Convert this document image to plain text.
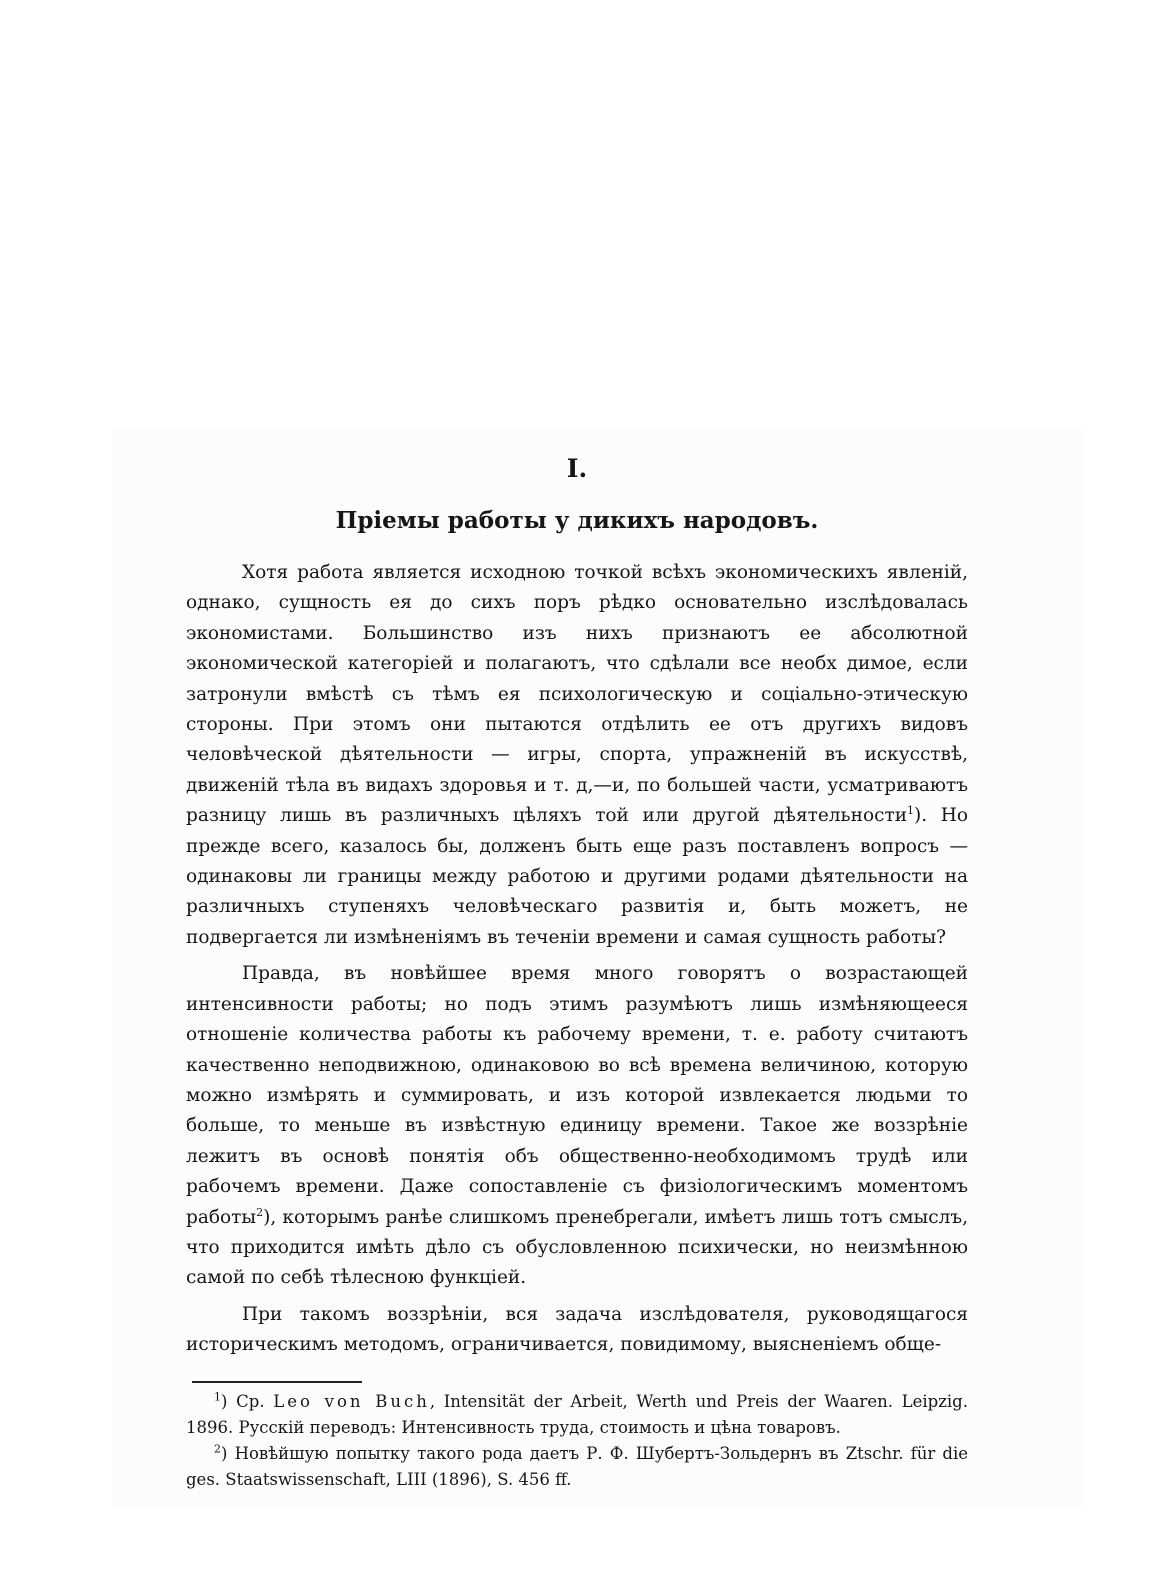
I.
Пріемы работы у дикихъ народовъ.

Хотя работа является исходною точкой всѣхъ экономическихъ явленій, однако, сущность ея до сихъ поръ рѣдко основательно изслѣдовалась экономистами. Большинство изъ нихъ признаютъ ее абсолютной экономической категоріей и полагаютъ, что сдѣлали все необх димое, если затронули вмѣстѣ съ тѣмъ ея психологическую и соціально-этическую стороны. При этомъ они пытаются отдѣлить ее отъ другихъ видовъ человѣческой дѣятельности — игры, спорта, упражненій въ искусствѣ, движеній тѣла въ видахъ здоровья и т. д,—и, по большей части, усматриваютъ разницу лишь въ различныхъ цѣляхъ той или другой дѣятельности$^1$). Но прежде всего, казалось бы, долженъ быть еще разъ поставленъ вопросъ — одинаковы ли границы между работою и другими родами дѣятельности на различныхъ ступеняхъ человѣческаго развитія и, быть можетъ, не подвергается ли измѣненіямъ въ теченіи времени и самая сущность работы?

Правда, въ новѣйшее время много говорятъ о возрастающей интенсивности работы; но подъ этимъ разумѣютъ лишь измѣняющееся отношеніе количества работы къ рабочему времени, т. е. работу считаютъ качественно неподвижною, одинаковою во всѣ времена величиною, которую можно измѣрять и суммировать, и изъ которой извлекается людьми то больше, то меньше въ извѣстную единицу времени. Такое же воззрѣніе лежитъ въ основѣ понятія объ общественно-необходимомъ трудѣ или рабочемъ времени. Даже сопоставленіе съ физіологическимъ моментомъ работы$^2$), которымъ ранѣе слишкомъ пренебрегали, имѣетъ лишь тотъ смыслъ, что приходится имѣть дѣло съ обусловленною психически, но неизмѣнною самой по себѣ тѣлесною функціей.

При такомъ воззрѣніи, вся задача изслѣдователя, руководящагося историческимъ методомъ, ограничивается, повидимому, выясненіемъ обще-

$^1$) Ср. Leo von Buch, Intensität der Arbeit, Werth und Preis der Waaren. Leipzig. 1896. Русскій переводъ: Интенсивность труда, стоимость и цѣна товаровъ.

$^2$) Новѣйшую попытку такого рода даетъ Р. Ф. Шубертъ-Зольдернъ въ Ztschr. für die ges. Staatswissenschaft, LIII (1896), S. 456 ff.
